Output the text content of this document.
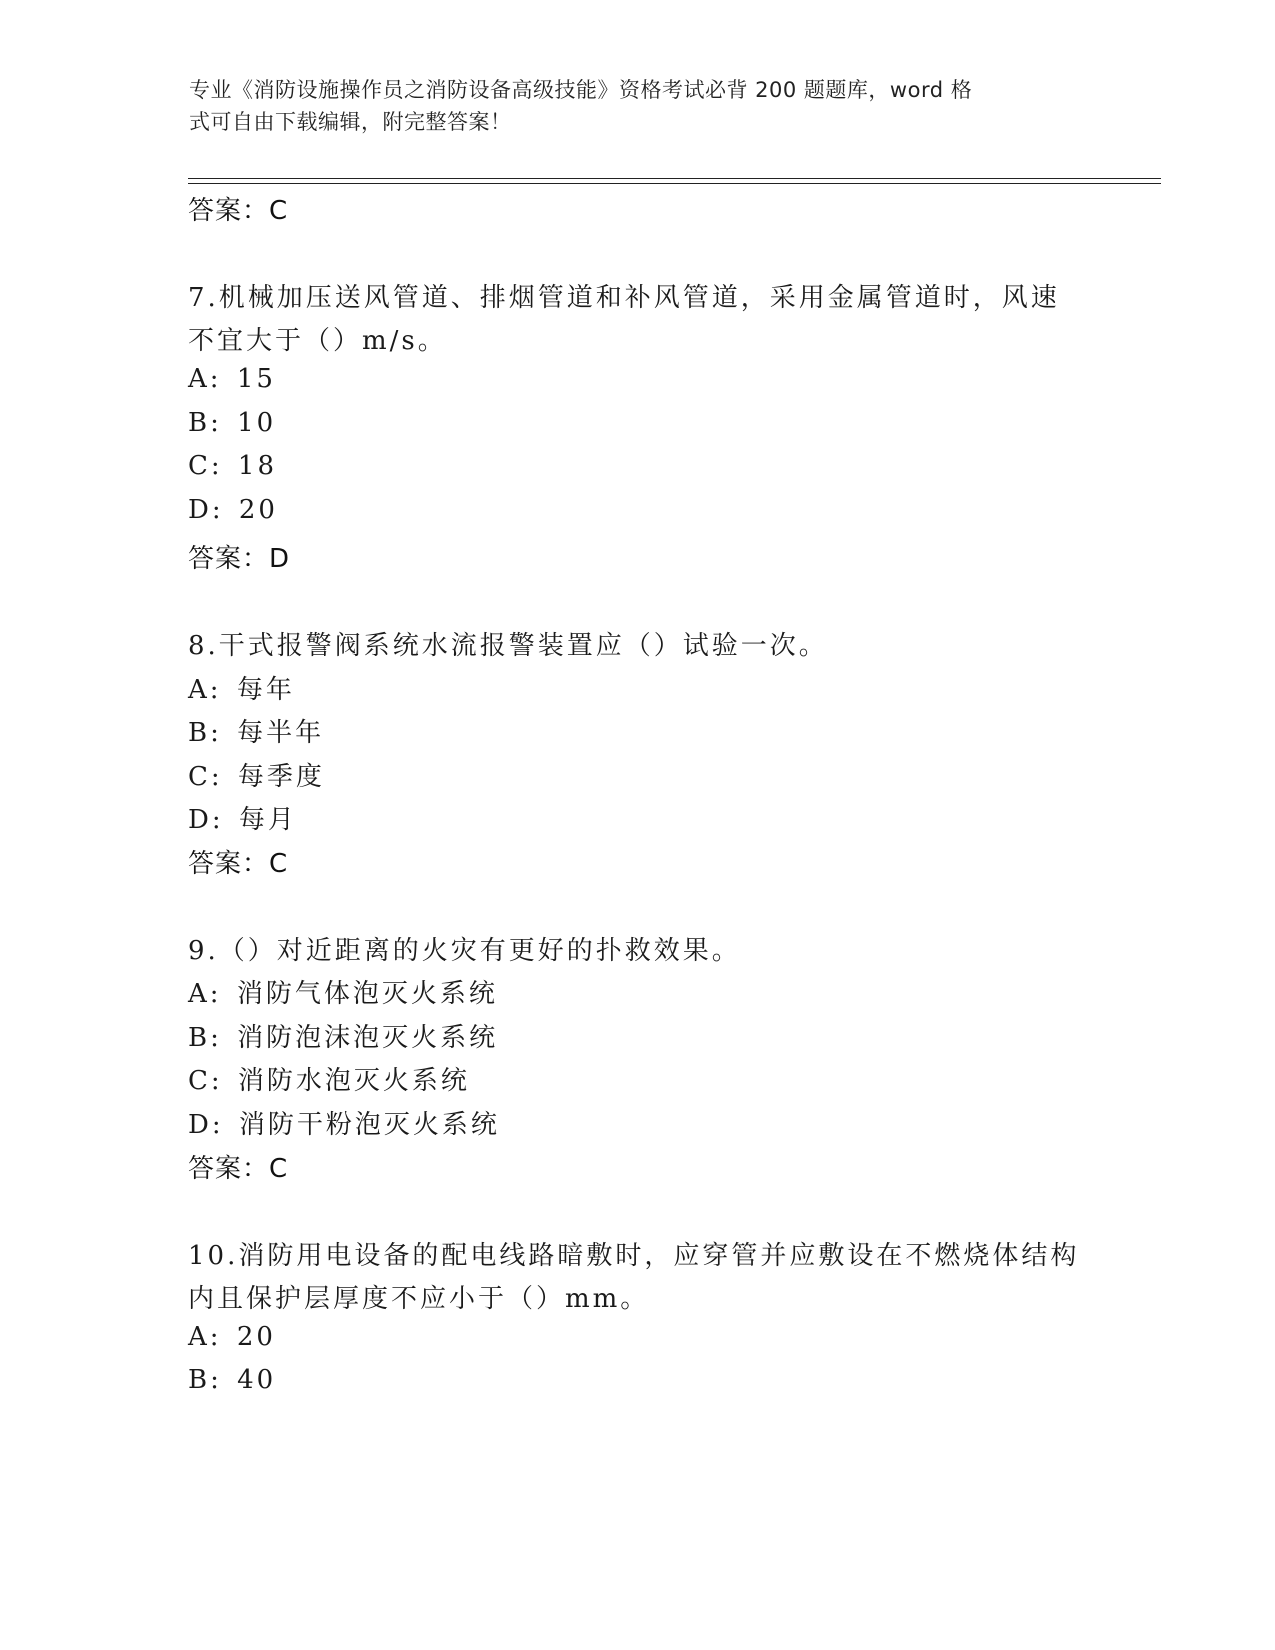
专业《消防设施操作员之消防设备高级技能》资格考试必背 200 题题库，word 格
式可自由下载编辑，附完整答案！
答案：C
7.机械加压送风管道、排烟管道和补风管道，采用金属管道时，风速
不宜大于（）m/s。
A: 15
B: 10
C: 18
D: 20
答案：D
8.干式报警阀系统水流报警装置应（）试验一次。
A: 每年
B: 每半年
C: 每季度
D: 每月
答案：C
9.（）对近距离的火灾有更好的扑救效果。
A: 消防气体泡灭火系统
B: 消防泡沫泡灭火系统
C: 消防水泡灭火系统
D: 消防干粉泡灭火系统
答案：C
10.消防用电设备的配电线路暗敷时，应穿管并应敷设在不燃烧体结构
内且保护层厚度不应小于（）mm。
A: 20
B: 40
